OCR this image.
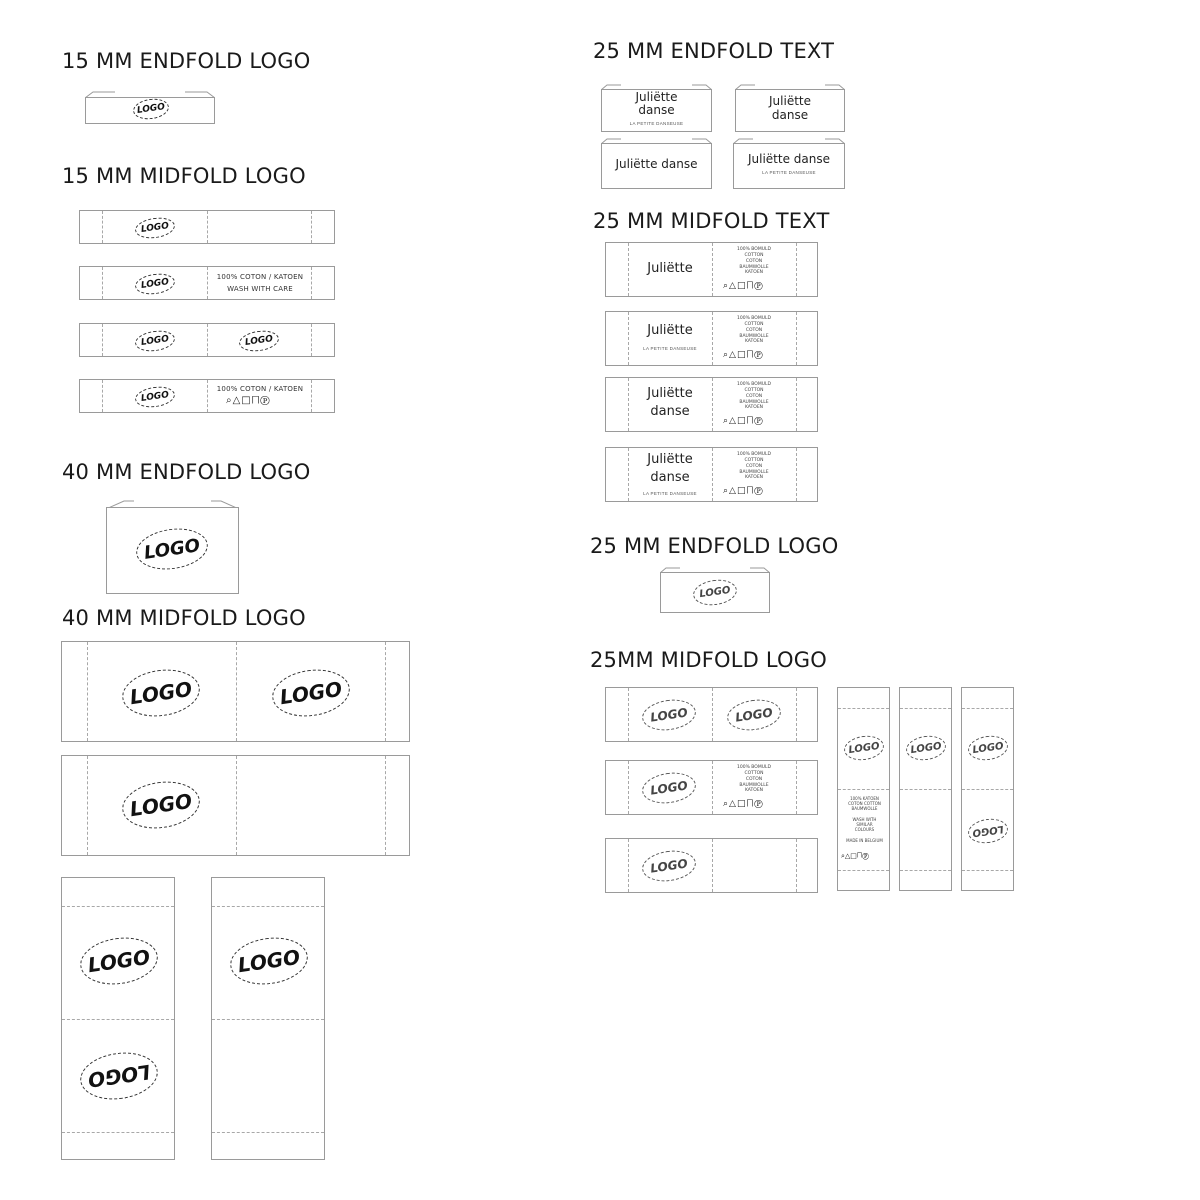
15 MM ENDFOLD LOGO
LOGO
15 MM MIDFOLD LOGO
LOGO
LOGO
100% COTON / KATOEN
WASH WITH CARE
LOGO	LOGO
LOGO
100% COTON / KATOEN
⌕△□⨅Ⓟ
40 MM ENDFOLD LOGO
LOGO
40 MM MIDFOLD LOGO
LOGO	LOGO
LOGO
LOGO
LOGO
LOGO
25 MM ENDFOLD TEXT
Juliëtte
danse
LA PETITE DANSEUSE
Juliëtte
danse
Juliëtte danse	Juliëtte danse
LA PETITE DANSEUSE
25 MM MIDFOLD TEXT
Juliëtte
100% BOMULD
COTTON
COTON
BAUMWOLLE
KATOEN
⌕△□⨅Ⓟ
Juliëtte
LA PETITE DANSEUSE
100% BOMULD
COTTON
COTON
BAUMWOLLE
KATOEN
⌕△□⨅Ⓟ
Juliëtte
danse
100% BOMULD
COTTON
COTON
BAUMWOLLE
KATOEN
⌕△□⨅Ⓟ
Juliëtte
danse
LA PETITE DANSEUSE
100% BOMULD
COTTON
COTON
BAUMWOLLE
KATOEN
⌕△□⨅Ⓟ
25 MM ENDFOLD LOGO
LOGO
25MM MIDFOLD LOGO
LOGO	LOGO
LOGO
100% BOMULD
COTTON
COTON
BAUMWOLLE
KATOEN
⌕△□⨅Ⓟ
LOGO
LOGO
100% KATOEN
COTON COTTON
BAUMWOLLE

WASH WITH
SIMILAR
COLOURS

MADE IN BELGIUM
⌕△□⨅Ⓟ
LOGO	LOGO
LOGO
